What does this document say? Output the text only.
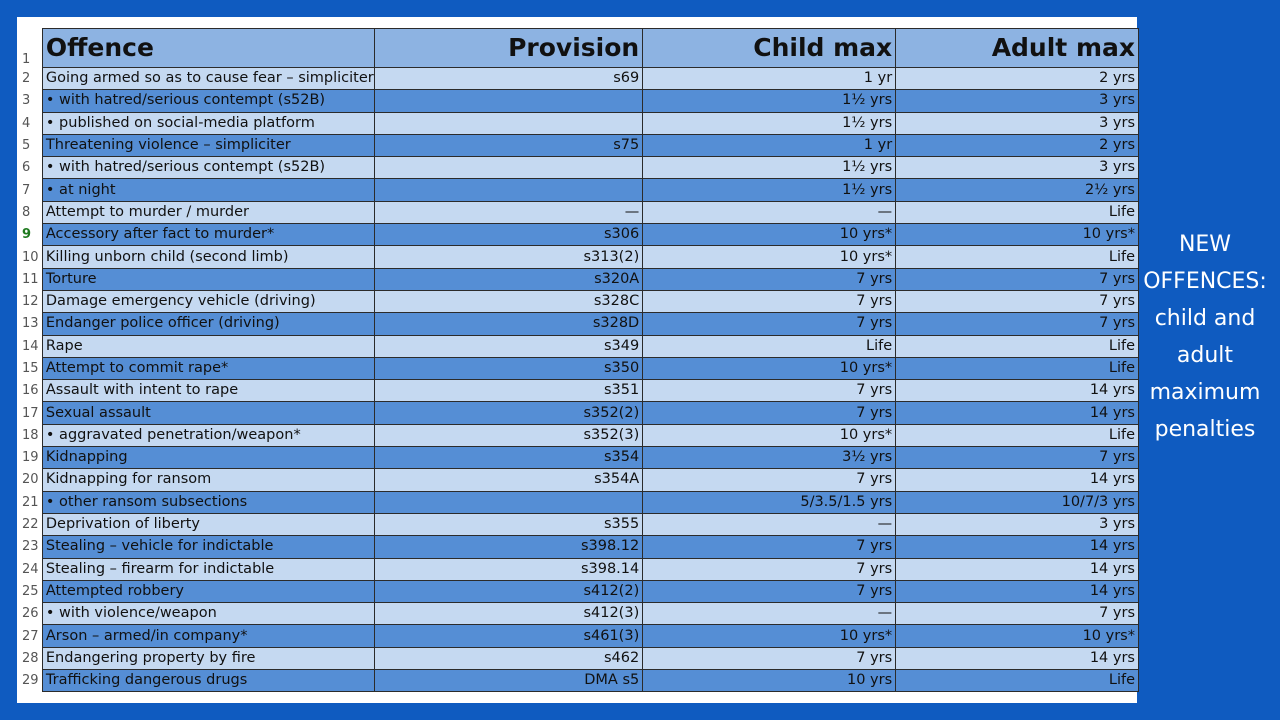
1	Offence	Provision	Child max	Adult max
2	Going armed so as to cause fear – simpliciter	s69	1 yr	2 yrs
3	• with hatred/serious contempt (s52B)		1½ yrs	3 yrs
4	• published on social-media platform		1½ yrs	3 yrs
5	Threatening violence – simpliciter	s75	1 yr	2 yrs
6	• with hatred/serious contempt (s52B)		1½ yrs	3 yrs
7	• at night		1½ yrs	2½ yrs
8	Attempt to murder / murder	—	—	Life
9	Accessory after fact to murder*	s306	10 yrs*	10 yrs*
10	Killing unborn child (second limb)	s313(2)	10 yrs*	Life
11	Torture	s320A	7 yrs	7 yrs
12	Damage emergency vehicle (driving)	s328C	7 yrs	7 yrs
13	Endanger police officer (driving)	s328D	7 yrs	7 yrs
14	Rape	s349	Life	Life
15	Attempt to commit rape*	s350	10 yrs*	Life
16	Assault with intent to rape	s351	7 yrs	14 yrs
17	Sexual assault	s352(2)	7 yrs	14 yrs
18	• aggravated penetration/weapon*	s352(3)	10 yrs*	Life
19	Kidnapping	s354	3½ yrs	7 yrs
20	Kidnapping for ransom	s354A	7 yrs	14 yrs
21	• other ransom subsections		5/3.5/1.5 yrs	10/7/3 yrs
22	Deprivation of liberty	s355	—	3 yrs
23	Stealing – vehicle for indictable	s398.12	7 yrs	14 yrs
24	Stealing – firearm for indictable	s398.14	7 yrs	14 yrs
25	Attempted robbery	s412(2)	7 yrs	14 yrs
26	• with violence/weapon	s412(3)	—	7 yrs
27	Arson – armed/in company*	s461(3)	10 yrs*	10 yrs*
28	Endangering property by fire	s462	7 yrs	14 yrs
29	Trafficking dangerous drugs	DMA s5	10 yrs	Life
NEW
OFFENCES:
child and
adult
maximum
penalties
